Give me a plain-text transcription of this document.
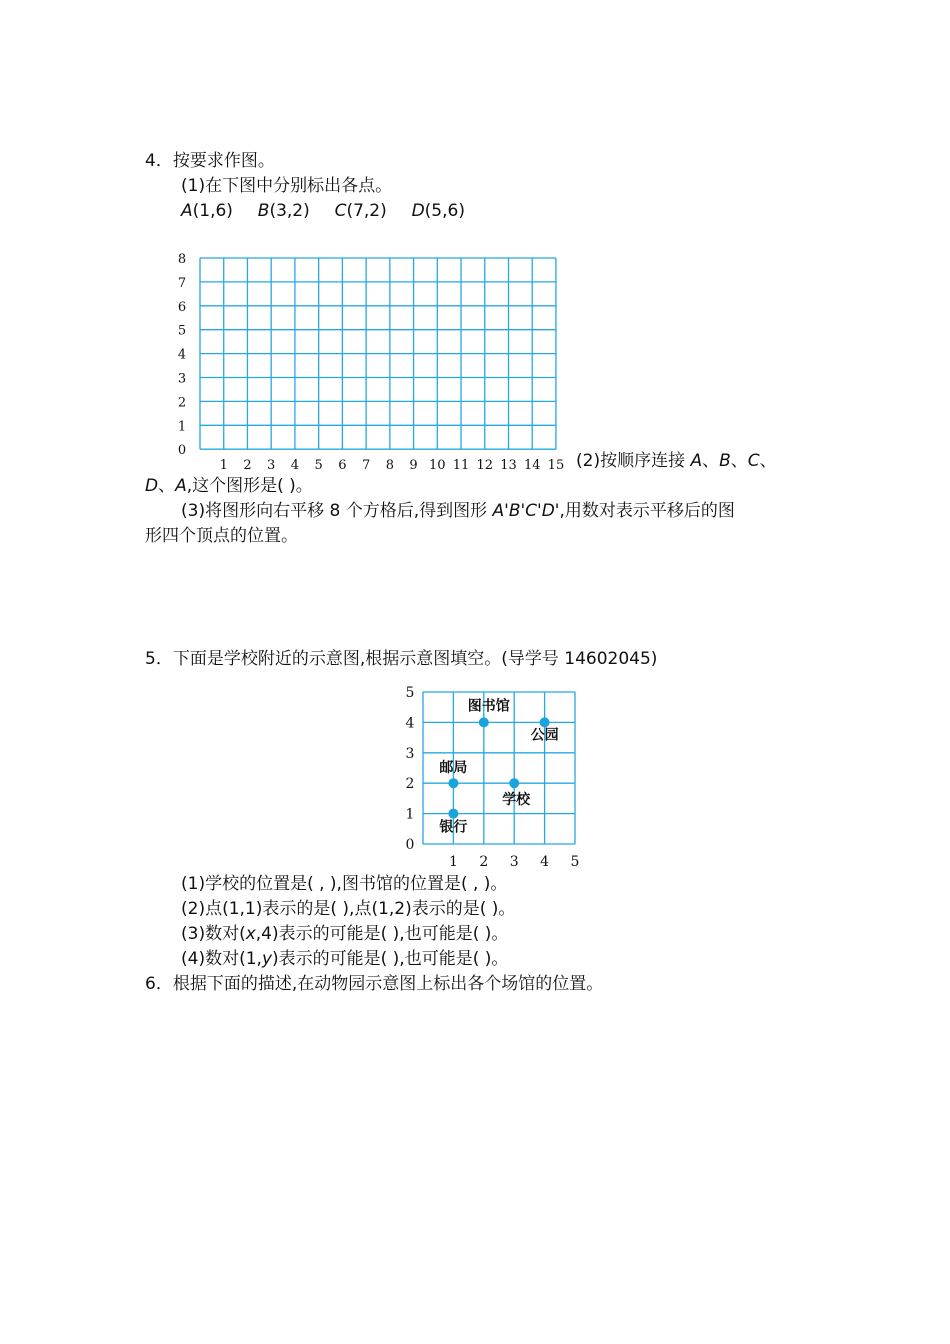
4．按要求作图。
(1)在下图中分别标出各点。
A(1,6) B(3,2) C(7,2) D(5,6)
8
7
6
5
4
3
2
1
0
1 2 3 4 5 6 7 8 9 10 11 12 13 14 15 (2)按顺序连接 A、B、C、
D、A,这个图形是( )。
(3)将图形向右平移 8 个方格后,得到图形 A'B'C'D',用数对表示平移后的图
形四个顶点的位置。
5．下面是学校附近的示意图,根据示意图填空。(导学号 14602045)
5
4
3
2
1
0
1 2 3 4 5
图书馆
公园
邮局
学校
银行
(1)学校的位置是( , ),图书馆的位置是( , )。
(2)点(1,1)表示的是( ),点(1,2)表示的是( )。
(3)数对(x,4)表示的可能是( ),也可能是( )。
(4)数对(1,y)表示的可能是( ),也可能是( )。
6．根据下面的描述,在动物园示意图上标出各个场馆的位置。
